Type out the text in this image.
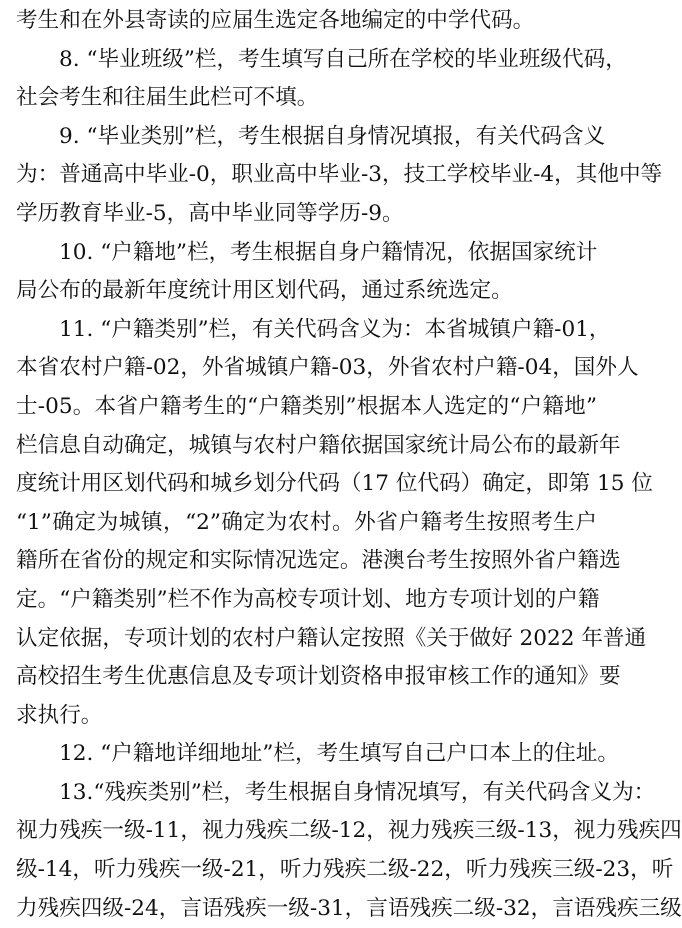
考生和在外县寄读的应届生选定各地编定的中学代码。
8. “毕业班级”栏，考生填写自己所在学校的毕业班级代码，
社会考生和往届生此栏可不填。
9. “毕业类别”栏，考生根据自身情况填报，有关代码含义
为：普通高中毕业-0，职业高中毕业-3，技工学校毕业-4，其他中等
学历教育毕业-5，高中毕业同等学历-9。
10. “户籍地”栏，考生根据自身户籍情况，依据国家统计
局公布的最新年度统计用区划代码，通过系统选定。
11. “户籍类别”栏，有关代码含义为：本省城镇户籍-01，
本省农村户籍-02，外省城镇户籍-03，外省农村户籍-04，国外人
士-05。本省户籍考生的“户籍类别”根据本人选定的“户籍地”
栏信息自动确定，城镇与农村户籍依据国家统计局公布的最新年
度统计用区划代码和城乡划分代码（17 位代码）确定，即第 15 位
“1”确定为城镇，“2”确定为农村。外省户籍考生按照考生户
籍所在省份的规定和实际情况选定。港澳台考生按照外省户籍选
定。“户籍类别”栏不作为高校专项计划、地方专项计划的户籍
认定依据，专项计划的农村户籍认定按照《关于做好 2022 年普通
高校招生考生优惠信息及专项计划资格申报审核工作的通知》要
求执行。
12. “户籍地详细地址”栏，考生填写自己户口本上的住址。
13.“残疾类别”栏，考生根据自身情况填写，有关代码含义为：
视力残疾一级-11，视力残疾二级-12，视力残疾三级-13，视力残疾四
级-14，听力残疾一级-21，听力残疾二级-22，听力残疾三级-23，听
力残疾四级-24，言语残疾一级-31，言语残疾二级-32，言语残疾三级
